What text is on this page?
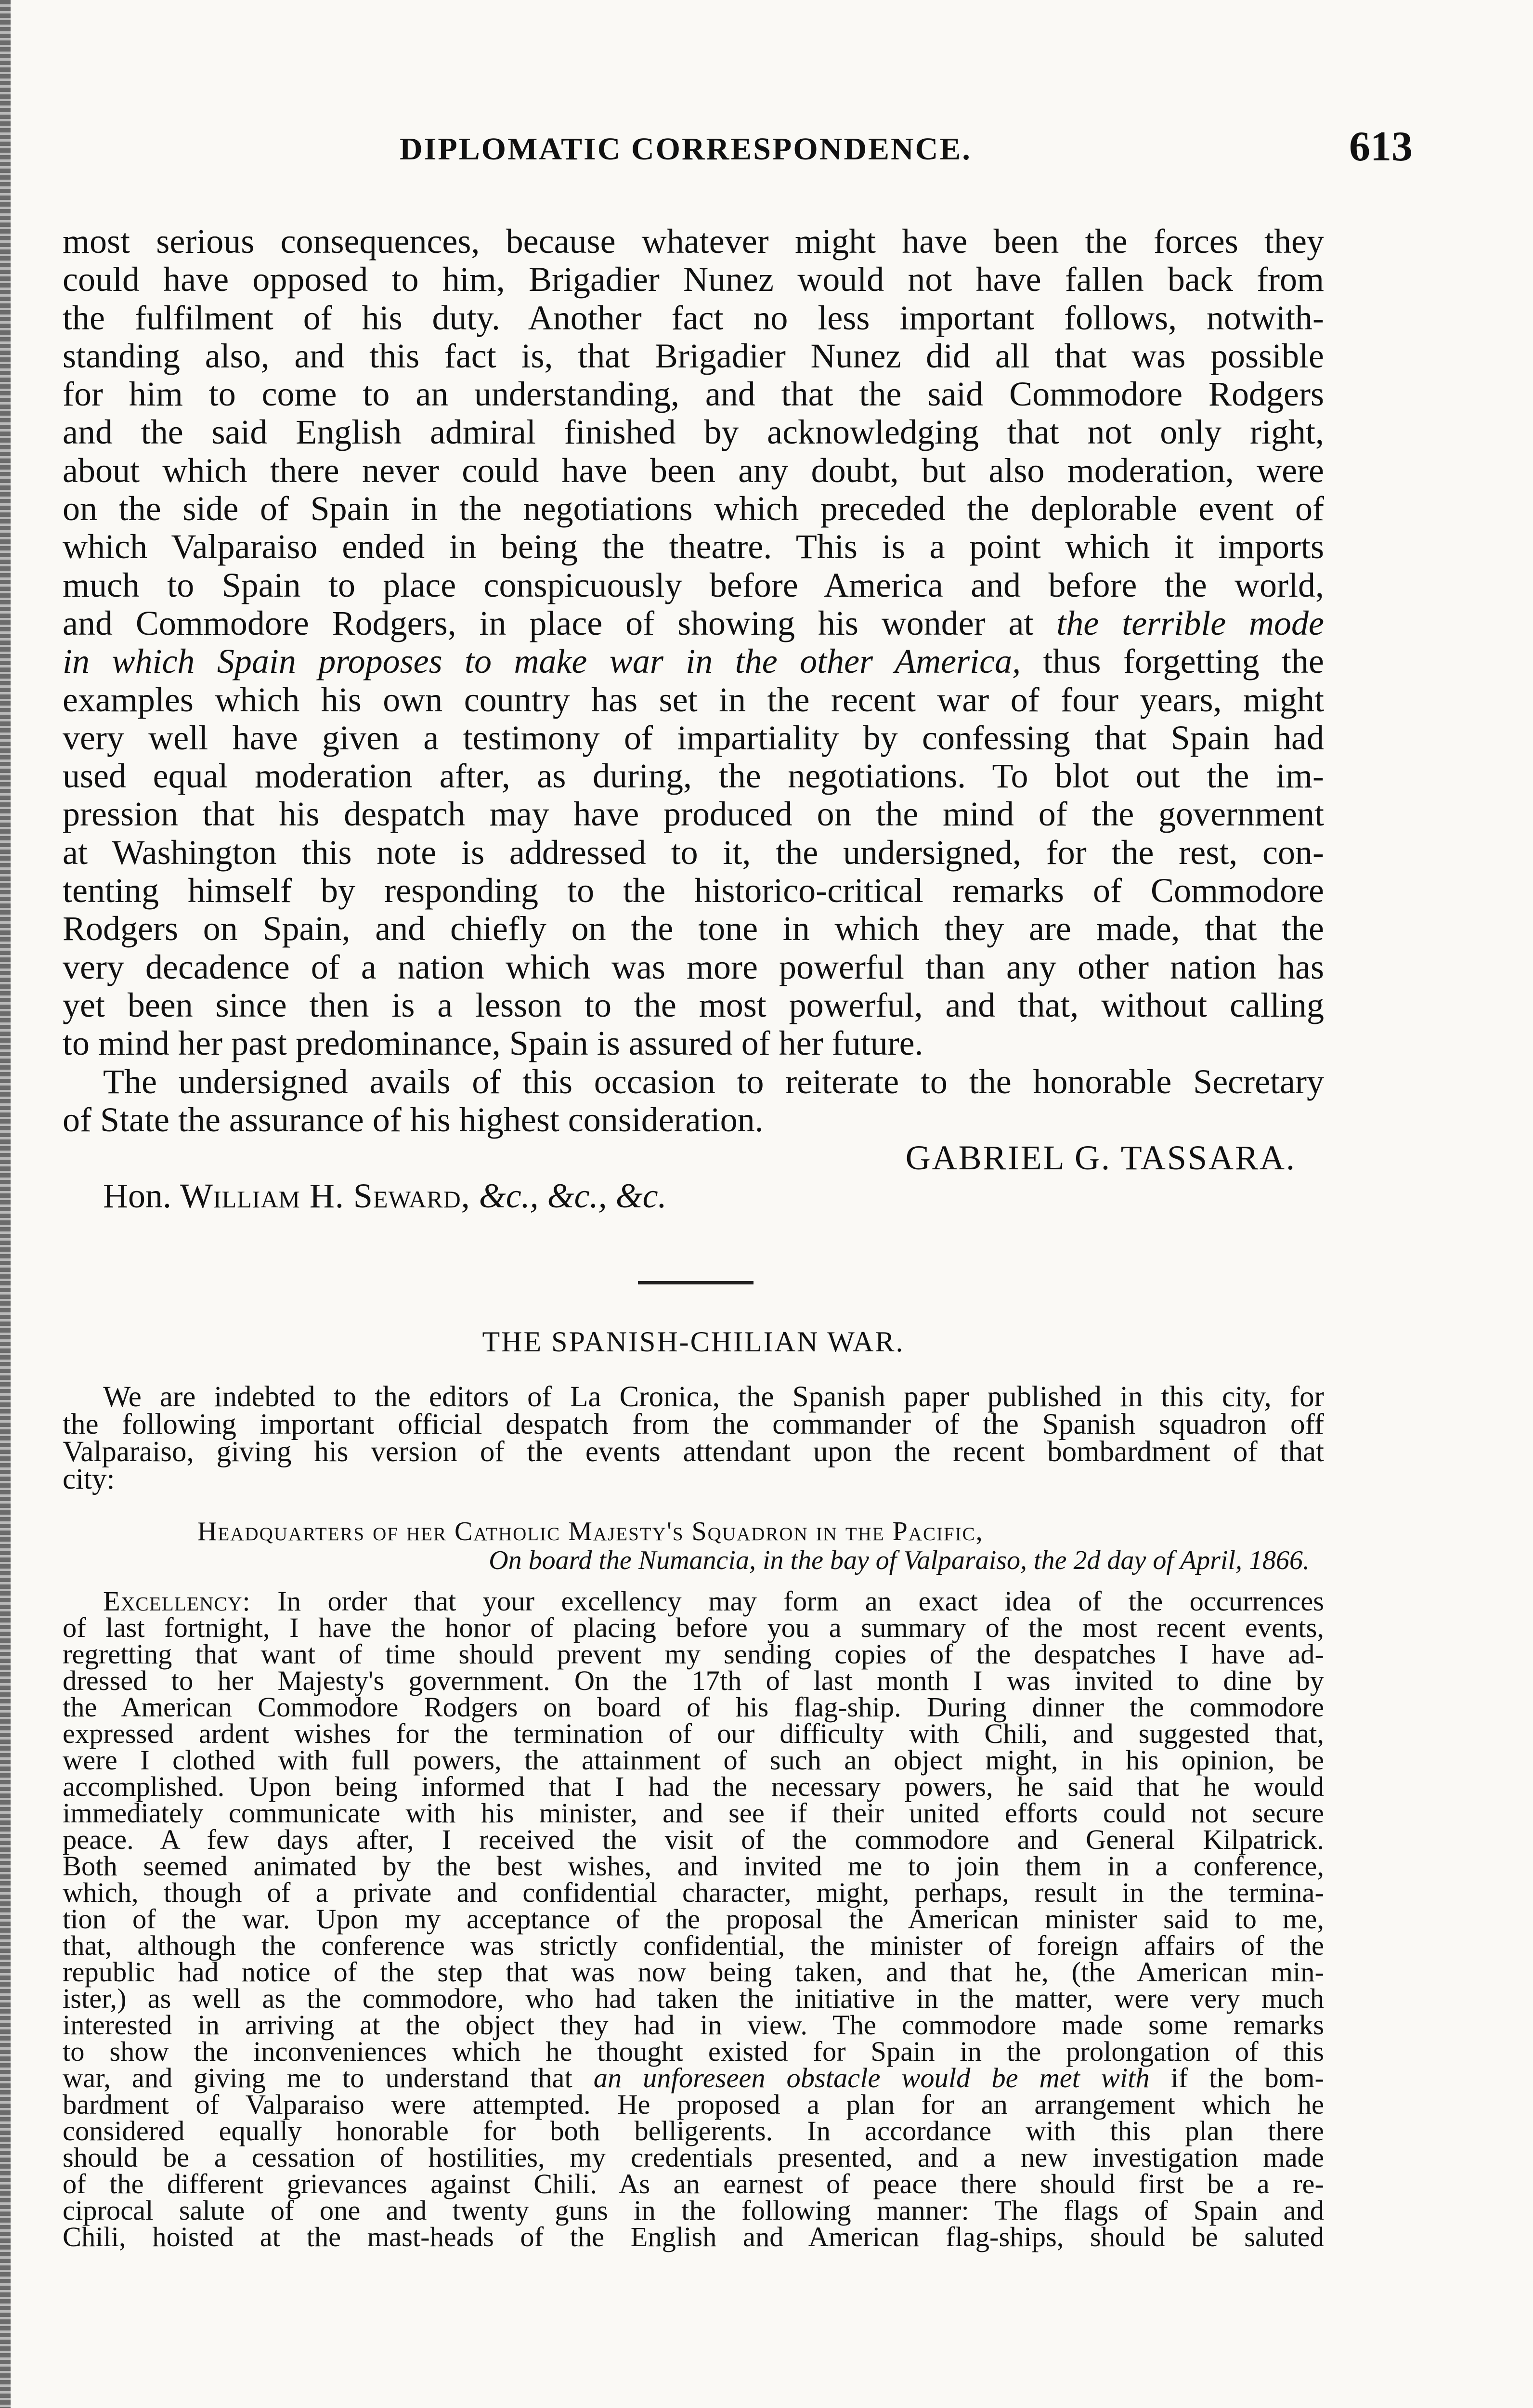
DIPLOMATIC CORRESPONDENCE.	613
most serious consequences, because whatever might have been the forces they
could have opposed to him, Brigadier Nunez would not have fallen back from
the fulfilment of his duty. Another fact no less important follows, notwith-
standing also, and this fact is, that Brigadier Nunez did all that was possible
for him to come to an understanding, and that the said Commodore Rodgers
and the said English admiral finished by acknowledging that not only right,
about which there never could have been any doubt, but also moderation, were
on the side of Spain in the negotiations which preceded the deplorable event of
which Valparaiso ended in being the theatre. This is a point which it imports
much to Spain to place conspicuously before America and before the world,
and Commodore Rodgers, in place of showing his wonder at the terrible mode
in which Spain proposes to make war in the other America, thus forgetting the
examples which his own country has set in the recent war of four years, might
very well have given a testimony of impartiality by confessing that Spain had
used equal moderation after, as during, the negotiations. To blot out the im-
pression that his despatch may have produced on the mind of the government
at Washington this note is addressed to it, the undersigned, for the rest, con-
tenting himself by responding to the historico-critical remarks of Commodore
Rodgers on Spain, and chiefly on the tone in which they are made, that the
very decadence of a nation which was more powerful than any other nation has
yet been since then is a lesson to the most powerful, and that, without calling
to mind her past predominance, Spain is assured of her future.
The undersigned avails of this occasion to reiterate to the honorable Secretary
of State the assurance of his highest consideration.
GABRIEL G. TASSARA.
Hon. William H. Seward, &c., &c., &c.
THE SPANISH-CHILIAN WAR.
We are indebted to the editors of La Cronica, the Spanish paper published in this city, for
the following important official despatch from the commander of the Spanish squadron off
Valparaiso, giving his version of the events attendant upon the recent bombardment of that
city:
Headquarters of her Catholic Majesty's Squadron in the Pacific,
On board the Numancia, in the bay of Valparaiso, the 2d day of April, 1866.
Excellency: In order that your excellency may form an exact idea of the occurrences
of last fortnight, I have the honor of placing before you a summary of the most recent events,
regretting that want of time should prevent my sending copies of the despatches I have ad-
dressed to her Majesty's government. On the 17th of last month I was invited to dine by
the American Commodore Rodgers on board of his flag-ship. During dinner the commodore
expressed ardent wishes for the termination of our difficulty with Chili, and suggested that,
were I clothed with full powers, the attainment of such an object might, in his opinion, be
accomplished. Upon being informed that I had the necessary powers, he said that he would
immediately communicate with his minister, and see if their united efforts could not secure
peace. A few days after, I received the visit of the commodore and General Kilpatrick.
Both seemed animated by the best wishes, and invited me to join them in a conference,
which, though of a private and confidential character, might, perhaps, result in the termina-
tion of the war. Upon my acceptance of the proposal the American minister said to me,
that, although the conference was strictly confidential, the minister of foreign affairs of the
republic had notice of the step that was now being taken, and that he, (the American min-
ister,) as well as the commodore, who had taken the initiative in the matter, were very much
interested in arriving at the object they had in view. The commodore made some remarks
to show the inconveniences which he thought existed for Spain in the prolongation of this
war, and giving me to understand that an unforeseen obstacle would be met with if the bom-
bardment of Valparaiso were attempted. He proposed a plan for an arrangement which he
considered equally honorable for both belligerents. In accordance with this plan there
should be a cessation of hostilities, my credentials presented, and a new investigation made
of the different grievances against Chili. As an earnest of peace there should first be a re-
ciprocal salute of one and twenty guns in the following manner: The flags of Spain and
Chili, hoisted at the mast-heads of the English and American flag-ships, should be saluted
